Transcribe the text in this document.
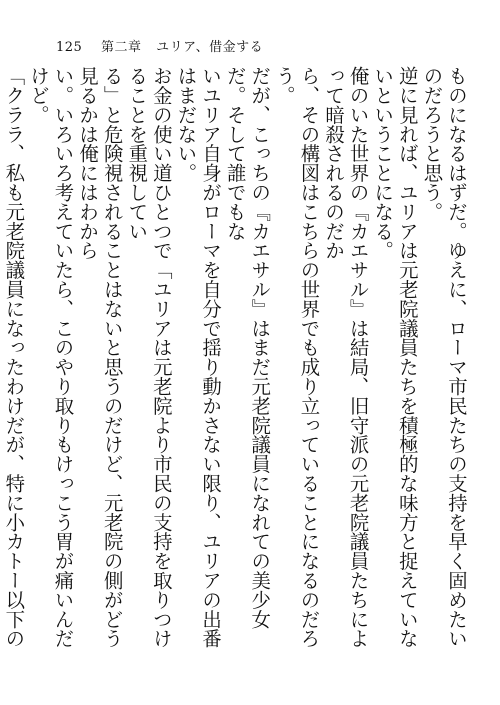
125 第二章 ユリア、借金する

ものになるはずだ。ゆえに、ローマ市民たちの支持を早く固めたいのだろうと思う。

逆に見れば、ユリアは元老院議員たちを積極的な味方と捉えていないということになる。

俺のいた世界の『カエサル』は結局、旧守派の元老院議員たちによって暗殺されるのだか

ら、その構図はこちらの世界でも成り立っていることになるのだろう。

だが、こっちの『カエサル』はまだ元老院議員になれての美少女だ。そして誰でもな

いユリア自身がローマを自分で揺り動かさない限り、ユリアの出番はまだない。

お金の使い道ひとつで「ユリアは元老院より市民の支持を取りつけることを重視してい

る」と危険視されることはないと思うのだけど、元老院の側がどう見るかは俺にはわから

い。いろいろ考えていたら、このやり取りもけっこう胃が痛いんだけど。

「クララ、私も元老院議員になったわけだが、特に小カトー以下の
